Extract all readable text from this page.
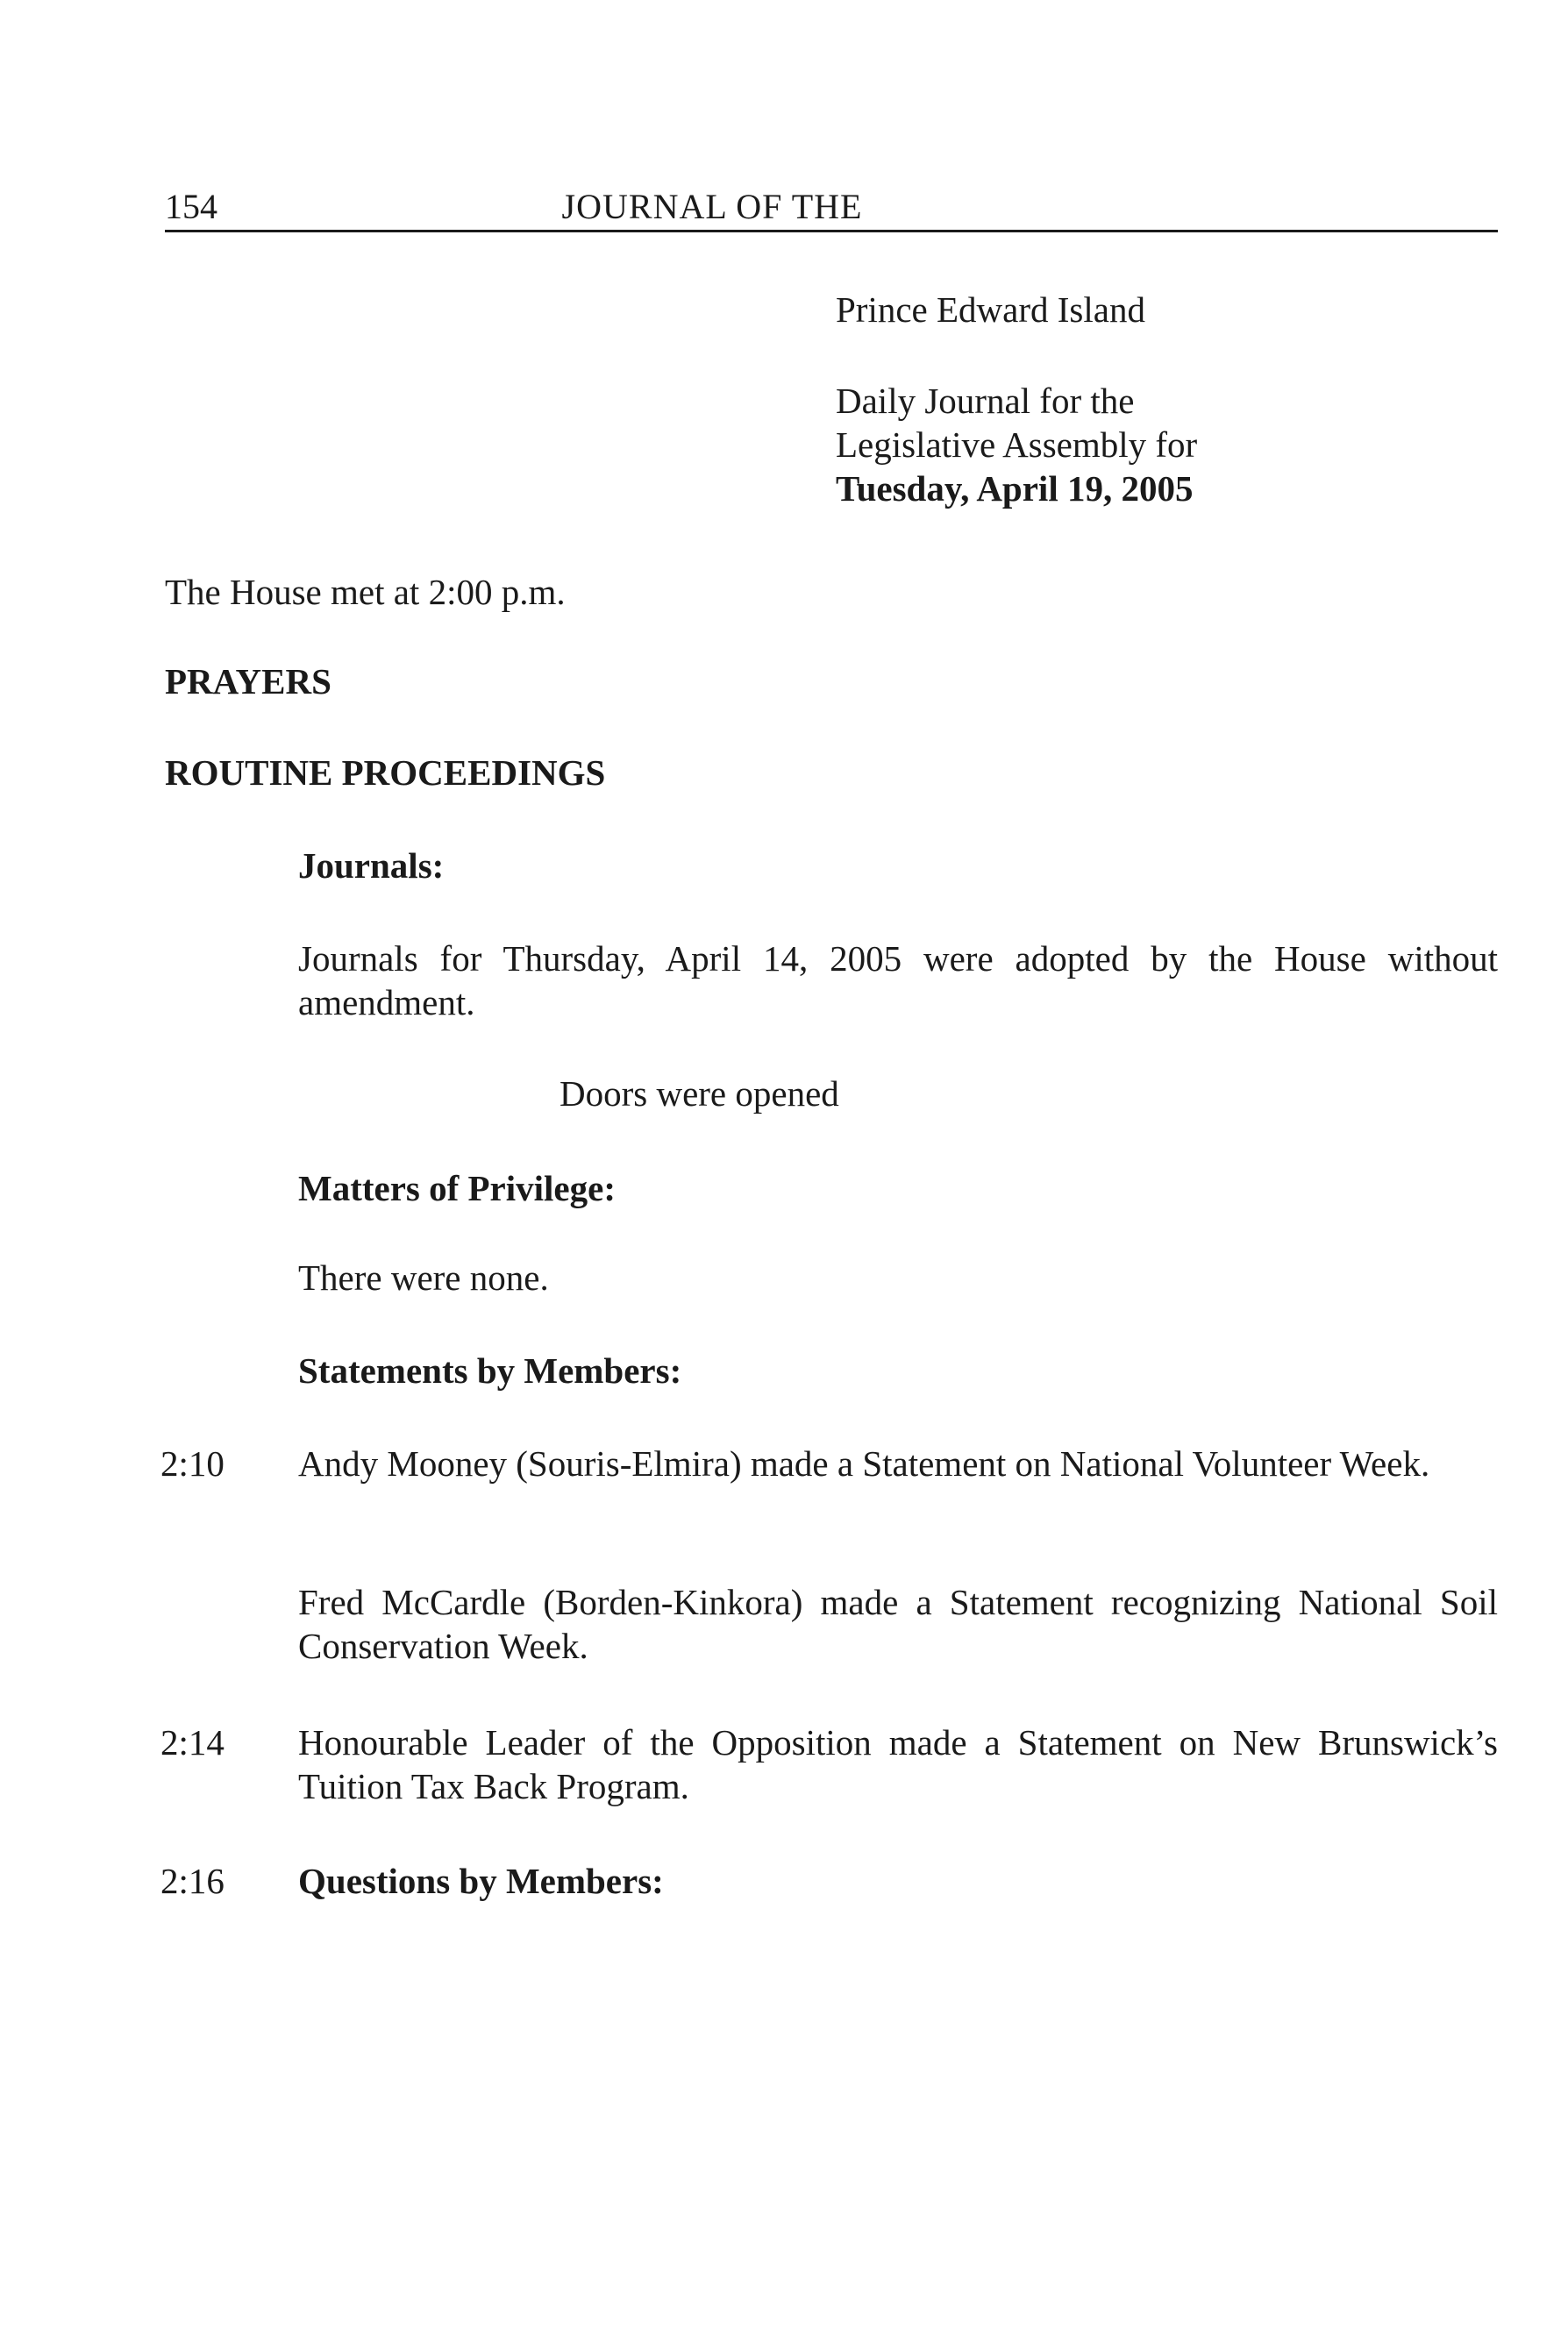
154	JOURNAL OF THE
Prince Edward Island
Daily Journal for the
Legislative Assembly for
Tuesday, April 19, 2005
The House met at 2:00 p.m.
PRAYERS
ROUTINE PROCEEDINGS
Journals:
Journals for Thursday, April 14, 2005 were adopted by the House without amendment.
Doors were opened
Matters of Privilege:
There were none.
Statements by Members:
2:10 Andy Mooney (Souris-Elmira) made a Statement on National Volunteer Week.
Fred McCardle (Borden-Kinkora) made a Statement recognizing National Soil Conservation Week.
2:14 Honourable Leader of the Opposition made a Statement on New Brunswick’s Tuition Tax Back Program.
2:16 Questions by Members:
